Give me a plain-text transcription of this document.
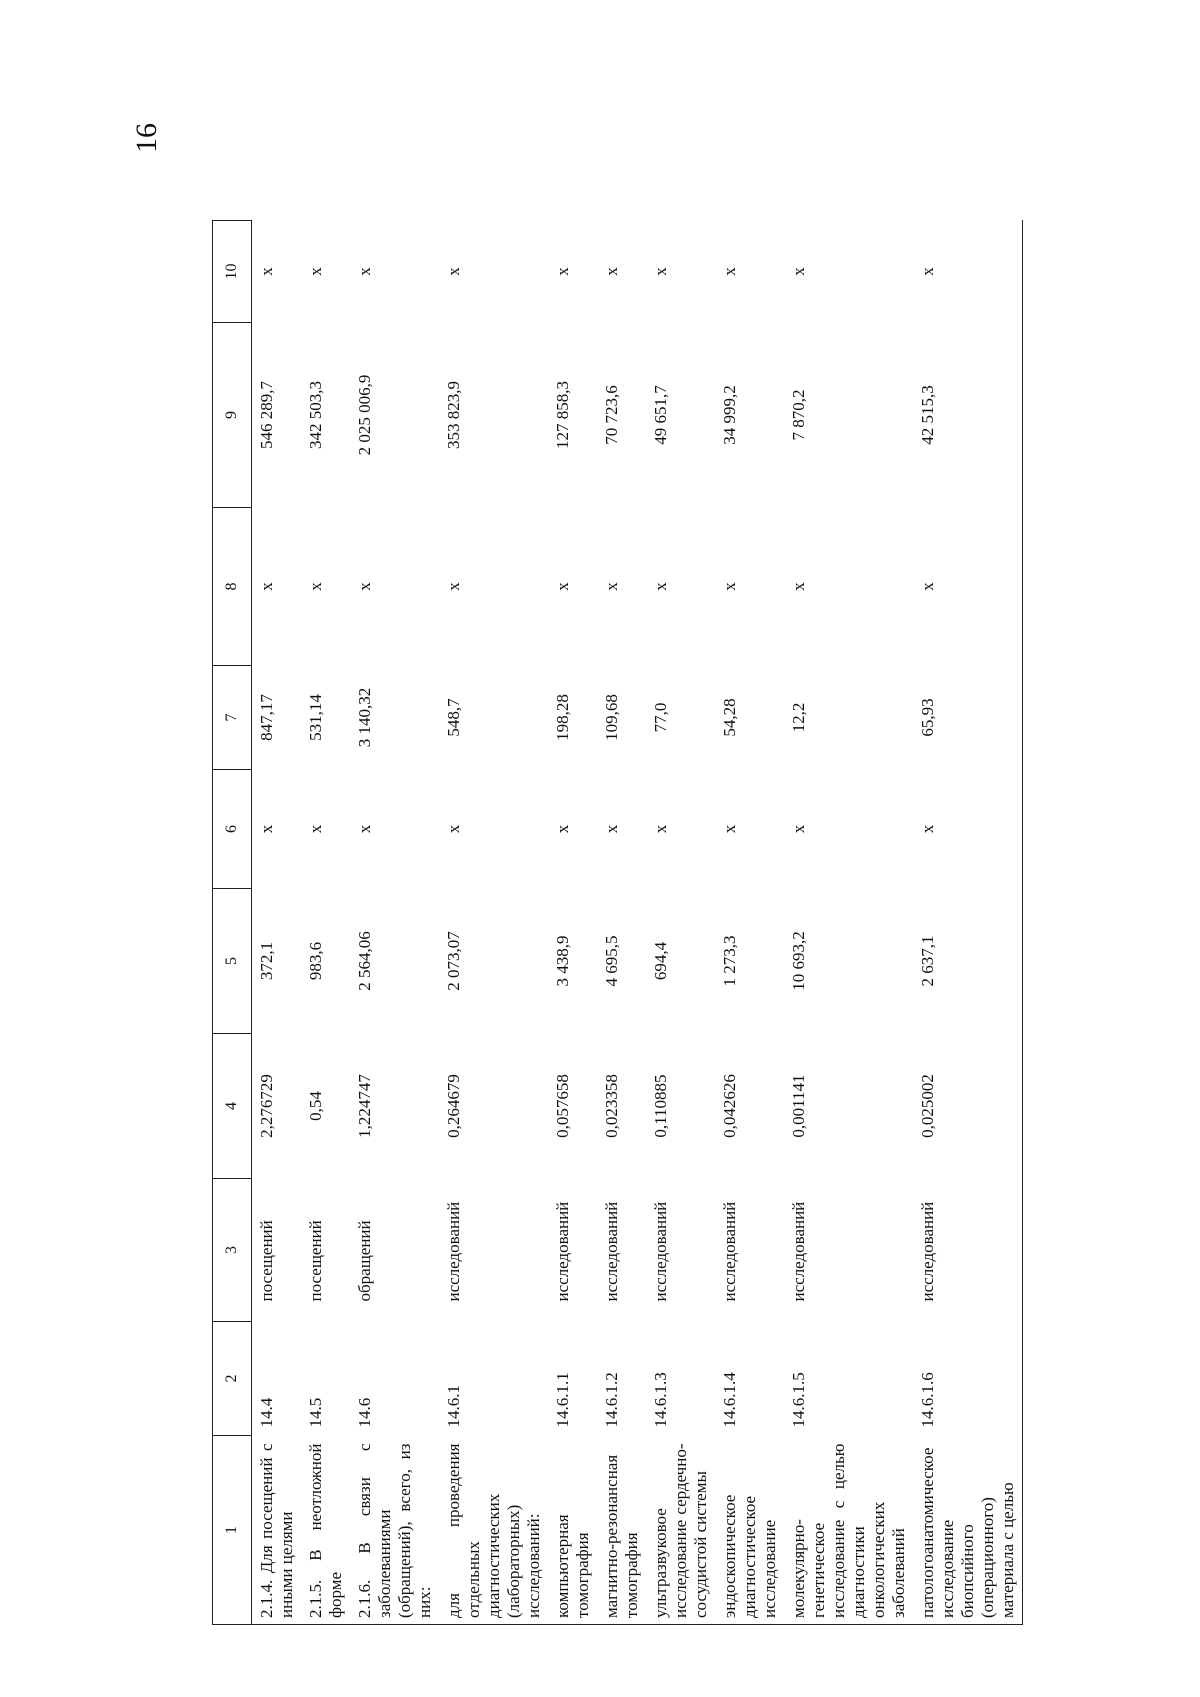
16
1	2	3	4	5	6	7	8	9	10
2.1.4. Для посещений с иными целями	14.4	посещений	2,276729	372,1	х	847,17	х	546 289,7	х
2.1.5. В неотложной форме	14.5	посещений	0,54	983,6	х	531,14	х	342 503,3	х
2.1.6. В связи с заболеваниями (обращений), всего, из них:	14.6	обращений	1,224747	2 564,06	х	3 140,32	х	2 025 006,9	х
для проведения отдельных диагностических (лабораторных) исследований:	14.6.1	исследований	0,264679	2 073,07	х	548,7	х	353 823,9	х
компьютерная томография	14.6.1.1	исследований	0,057658	3 438,9	х	198,28	х	127 858,3	х
магнитно-резонансная томография	14.6.1.2	исследований	0,023358	4 695,5	х	109,68	х	70 723,6	х
ультразвуковое исследование сердечно-сосудистой системы	14.6.1.3	исследований	0,110885	694,4	х	77,0	х	49 651,7	х
эндоскопическое диагностическое исследование	14.6.1.4	исследований	0,042626	1 273,3	х	54,28	х	34 999,2	х
молекулярно-генетическое исследование с целью диагностики онкологических заболеваний	14.6.1.5	исследований	0,001141	10 693,2	х	12,2	х	7 870,2	х
патологоанатомическое исследование биопсийного (операционного) материала с целью	14.6.1.6	исследований	0,025002	2 637,1	х	65,93	х	42 515,3	х
